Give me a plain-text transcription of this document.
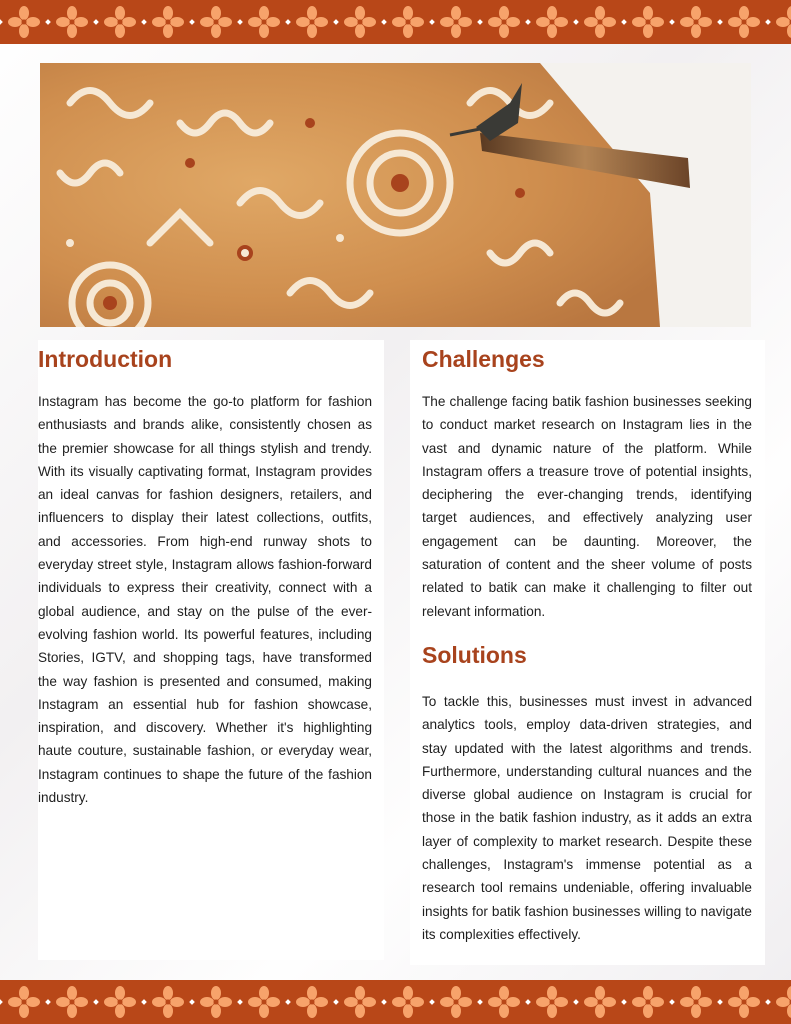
Introduction

Instagram has become the go-to platform for fashion enthusiasts and brands alike, consistently chosen as the premier showcase for all things stylish and trendy. With its visually captivating format, Instagram provides an ideal canvas for fashion designers, retailers, and influencers to display their latest collections, outfits, and accessories. From high-end runway shots to everyday street style, Instagram allows fashion-forward individuals to express their creativity, connect with a global audience, and stay on the pulse of the ever-evolving fashion world. Its powerful features, including Stories, IGTV, and shopping tags, have transformed the way fashion is presented and consumed, making Instagram an essential hub for fashion showcase, inspiration, and discovery. Whether it's highlighting haute couture, sustainable fashion, or everyday wear, Instagram continues to shape the future of the fashion industry.

Challenges

The challenge facing batik fashion businesses seeking to conduct market research on Instagram lies in the vast and dynamic nature of the platform. While Instagram offers a treasure trove of potential insights, deciphering the ever-changing trends, identifying target audiences, and effectively analyzing user engagement can be daunting. Moreover, the saturation of content and the sheer volume of posts related to batik can make it challenging to filter out relevant information.

Solutions

To tackle this, businesses must invest in advanced analytics tools, employ data-driven strategies, and stay updated with the latest algorithms and trends. Furthermore, understanding cultural nuances and the diverse global audience on Instagram is crucial for those in the batik fashion industry, as it adds an extra layer of complexity to market research. Despite these challenges, Instagram's immense potential as a research tool remains undeniable, offering invaluable insights for batik fashion businesses willing to navigate its complexities effectively.
